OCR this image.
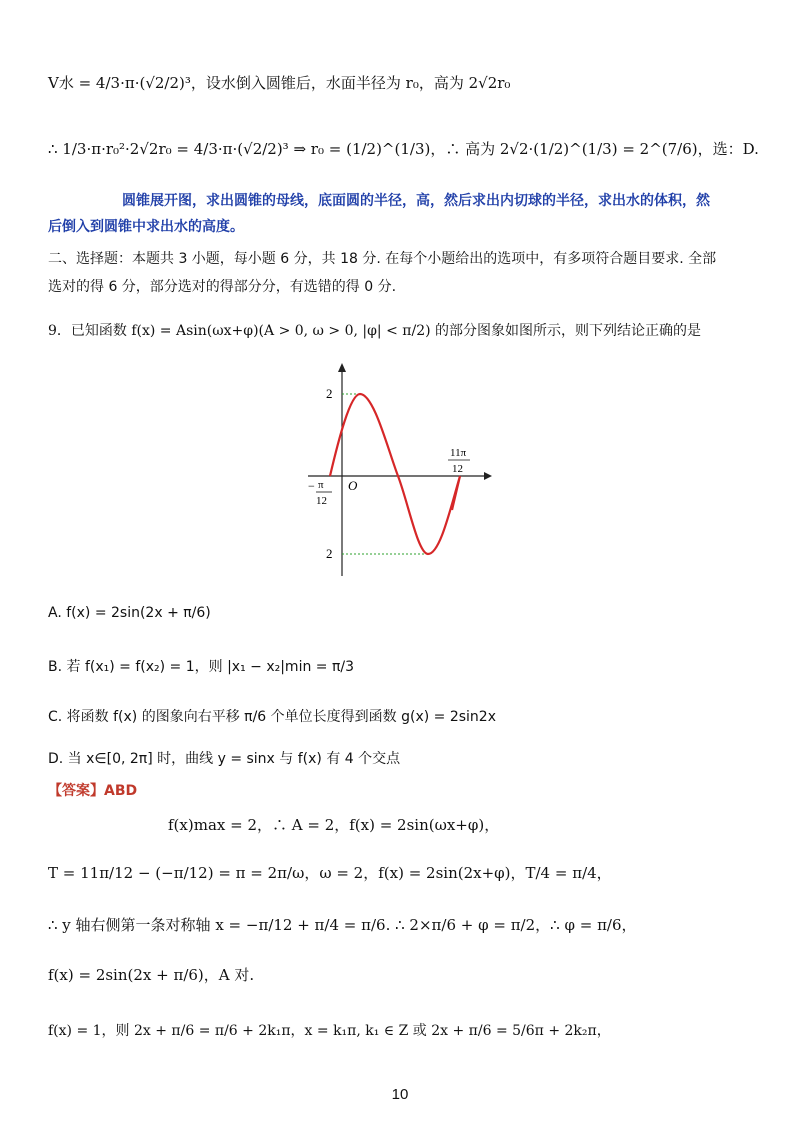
V水 = 4/3·π·(√2/2)³，设水倒入圆锥后，水面半径为 r₀，高为 2√2r₀
∴ 1/3·π·r₀²·2√2r₀ = 4/3·π·(√2/2)³ ⇒ r₀ = (1/2)^(1/3)，∴ 高为 2√2·(1/2)^(1/3) = 2^(7/6)，选：D.
圆锥展开图，求出圆锥的母线，底面圆的半径，高，然后求出内切球的半径，求出水的体积，然
后倒入到圆锥中求出水的高度。
二、选择题：本题共 3 小题，每小题 6 分，共 18 分. 在每个小题给出的选项中，有多项符合题目要求. 全部
选对的得 6 分，部分选对的得部分分，有选错的得 0 分.
9．已知函数 f(x) = Asin(ωx+φ)(A > 0, ω > 0, |φ| < π/2) 的部分图象如图所示，则下列结论正确的是
2
2
O
− π
12
11π
12
A. f(x) = 2sin(2x + π/6)
B. 若 f(x₁) = f(x₂) = 1，则 |x₁ − x₂|min = π/3
C. 将函数 f(x) 的图象向右平移 π/6 个单位长度得到函数 g(x) = 2sin2x
D. 当 x∈[0, 2π] 时，曲线 y = sinx 与 f(x) 有 4 个交点
【答案】ABD
f(x)max = 2，∴ A = 2，f(x) = 2sin(ωx+φ)，
T = 11π/12 − (−π/12) = π = 2π/ω，ω = 2，f(x) = 2sin(2x+φ)，T/4 = π/4，
∴ y 轴右侧第一条对称轴 x = −π/12 + π/4 = π/6. ∴ 2×π/6 + φ = π/2，∴ φ = π/6，
f(x) = 2sin(2x + π/6)，A 对.
f(x) = 1，则 2x + π/6 = π/6 + 2k₁π，x = k₁π, k₁ ∈ Z 或 2x + π/6 = 5/6π + 2k₂π，
10
